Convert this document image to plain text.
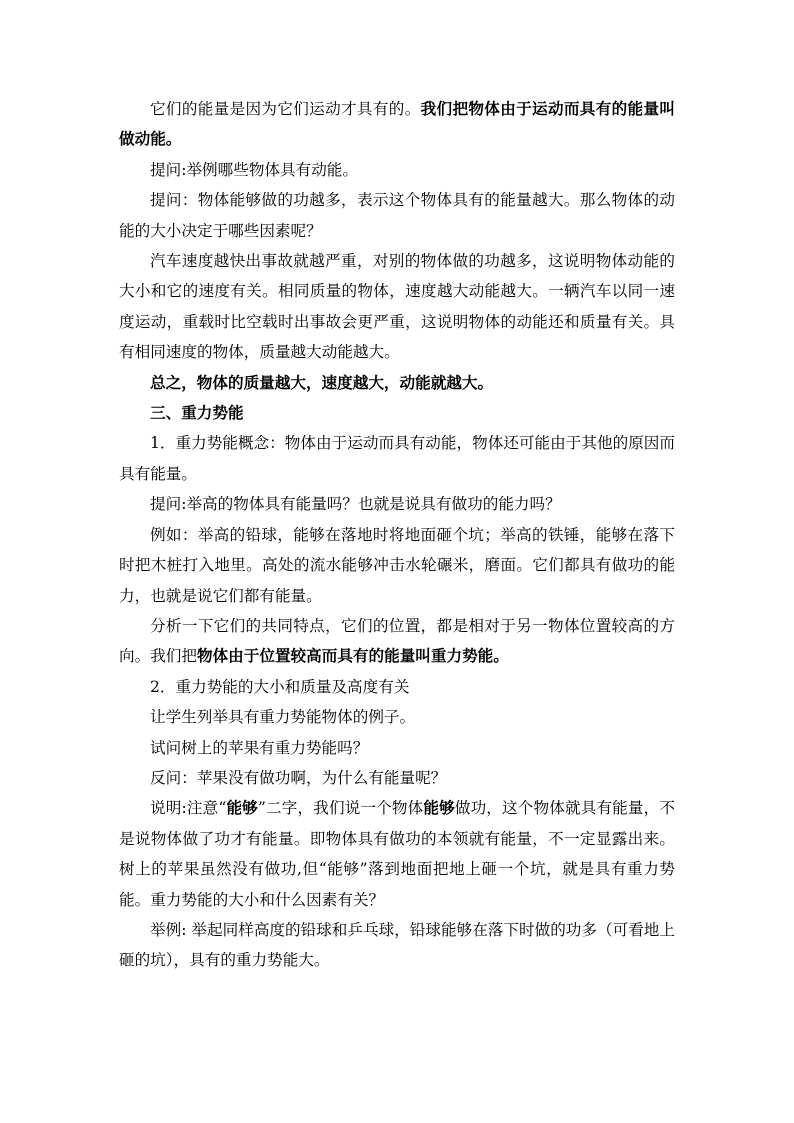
它们的能量是因为它们运动才具有的。我们把物体由于运动而具有的能量叫做动能。

提问:举例哪些物体具有动能。

提问：物体能够做的功越多，表示这个物体具有的能量越大。那么物体的动能的大小决定于哪些因素呢？

汽车速度越快出事故就越严重，对别的物体做的功越多，这说明物体动能的大小和它的速度有关。相同质量的物体，速度越大动能越大。一辆汽车以同一速度运动，重载时比空载时出事故会更严重，这说明物体的动能还和质量有关。具有相同速度的物体，质量越大动能越大。

总之，物体的质量越大，速度越大，动能就越大。

三、重力势能

1．重力势能概念：物体由于运动而具有动能，物体还可能由于其他的原因而具有能量。

提问:举高的物体具有能量吗？也就是说具有做功的能力吗？

例如：举高的铅球，能够在落地时将地面砸个坑；举高的铁锤，能够在落下时把木桩打入地里。高处的流水能够冲击水轮碾米，磨面。它们都具有做功的能力，也就是说它们都有能量。

分析一下它们的共同特点，它们的位置，都是相对于另一物体位置较高的方向。我们把物体由于位置较高而具有的能量叫重力势能。

2．重力势能的大小和质量及高度有关

让学生列举具有重力势能物体的例子。

试问树上的苹果有重力势能吗？

反问：苹果没有做功啊，为什么有能量呢？

说明:注意“能够”二字，我们说一个物体能够做功，这个物体就具有能量，不是说物体做了功才有能量。即物体具有做功的本领就有能量，不一定显露出来。树上的苹果虽然没有做功,但“能够”落到地面把地上砸一个坑，就是具有重力势能。重力势能的大小和什么因素有关？

举例: 举起同样高度的铅球和乒乓球，铅球能够在落下时做的功多（可看地上砸的坑），具有的重力势能大。
